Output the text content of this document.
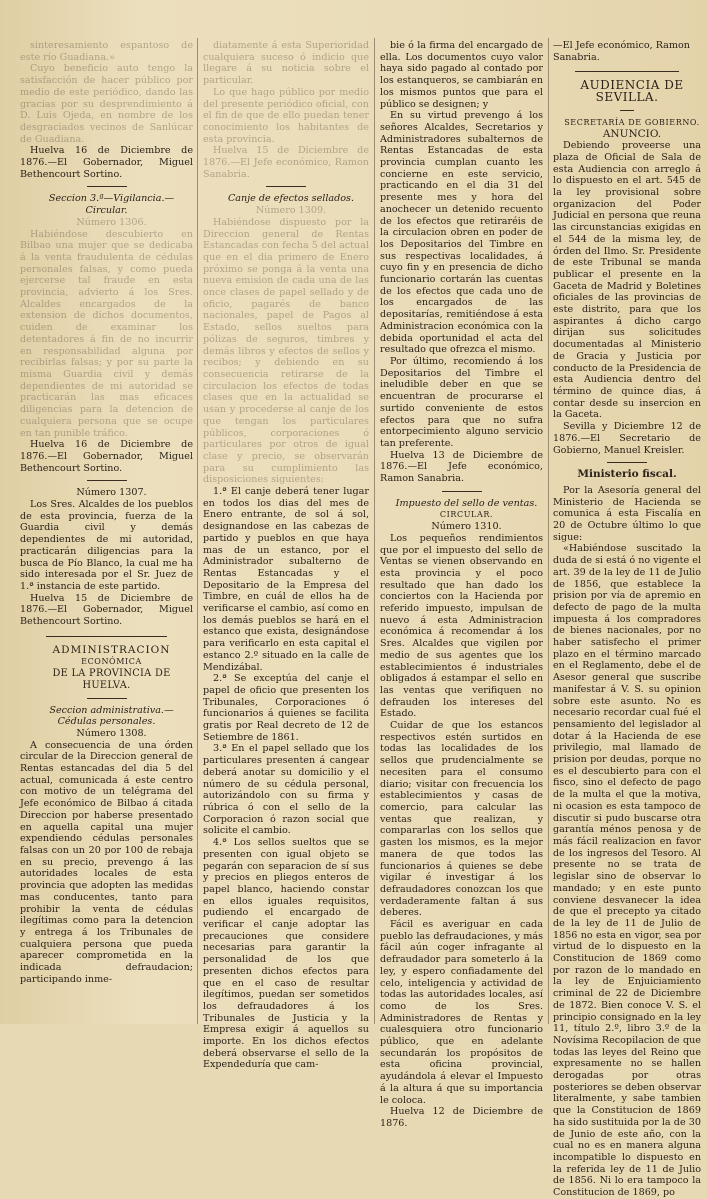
sinteresamiento espantoso de este río Guadiana.»

Cuyo beneficio auto tengo la satisfacción de hacer público por medio de este periódico, dando las gracias por su desprendimiento á D. Luis Ojeda, en nombre de los desgraciados vecinos de Sanlúcar de Guadiana.

Huelva 16 de Diciembre de 1876.—El Gobernador, Miguel Bethencourt Sortino.

Seccion 3.ª—Vigilancia.—Circular.

Número 1306.

Habiéndose descubierto en Bilbao una mujer que se dedicaba á la venta fraudulenta de cédulas personales falsas, y como pueda ejercerse tal fraude en esta provincia, advierto á los Sres. Alcaldes encargados de la extension de dichos documentos, cuiden de examinar los detentadores á fin de no incurrir en responsabilidad alguna por recibirlas falsas; y por su parte la misma Guardia civil y demás dependientes de mi autoridad se practicarán las mas eficaces diligencias para la detencion de cualquiera persona que se ocupe en tan punible tráfico.

Huelva 16 de Diciembre de 1876.—El Gobernador, Miguel Bethencourt Sortino.

Número 1307.

Los Sres. Alcaldes de los pueblos de esta provincia, fuerza de la Guardia civil y demás dependientes de mi autoridad, practicarán diligencias para la busca de Pío Blanco, la cual me ha sido interesada por el Sr. Juez de 1.ª instancia de este partido.

Huelva 15 de Diciembre de 1876.—El Gobernador, Miguel Bethencourt Sortino.

ADMINISTRACION

ECONÓMICA

DE LA PROVINCIA DE HUELVA.

Seccion administrativa.—Cédulas personales.

Número 1308.

A consecuencia de una órden circular de la Direccion general de Rentas estancadas del dia 5 del actual, comunicada á este centro con motivo de un telégrama del Jefe económico de Bilbao á citada Direccion por haberse presentado en aquella capital una mujer expendiendo cédulas personales falsas con un 20 por 100 de rebaja en su precio, prevengo á las autoridades locales de esta provincia que adopten las medidas mas conducentes, tanto para prohibir la venta de cédulas ilegítimas como para la detencion y entrega á los Tribunales de cualquiera persona que pueda aparecer comprometida en la indicada defraudacion; participando inme-

diatamente á esta Superioridad cualquiera suceso ó indicio que llegare á su noticia sobre el particular.

Lo que hago público por medio del presente periódico oficial, con el fin de que de ello puedan tener conocimiento los habitantes de esta provincia.

Huelva 15 de Diciembre de 1876.—El Jefe económico, Ramon Sanabria.

Canje de efectos sellados.

Número 1309.

Habiéndose dispuesto por la Direccion general de Rentas Estancadas con fecha 5 del actual que en el dia primero de Enero próximo se ponga á la venta una nueva emision de cada una de las once clases de papel sellado y de oficio, pagarés de banco nacionales, papel de Pagos al Estado, sellos sueltos para pólizas de seguros, timbres y demás libros y efectos de sellos y recibos; y debiendo en su consecuencia retirarse de la circulacion los efectos de todas clases que en la actualidad se usan y procederse al canje de los que tengan los particulares públicos, corporaciones ó particulares por otros de igual clase y precio, se observarán para su cumplimiento las disposiciones siguientes:

1.ª El canje deberá tener lugar en todos los dias del mes de Enero entrante, de sol á sol, designandose en las cabezas de partido y pueblos en que haya mas de un estanco, por el Administrador subalterno de Rentas Estancadas y el Depositario de la Empresa del Timbre, en cuál de ellos ha de verificarse el cambio, así como en los demás pueblos se hará en el estanco que exista, designándose para verificarlo en esta capital el estanco 2.º situado en la calle de Mendizábal.

2.ª Se exceptúa del canje el papel de oficio que presenten los Tribunales, Corporaciones ó funcionarios á quienes se facilita gratis por Real decreto de 12 de Setiembre de 1861.

3.ª En el papel sellado que los particulares presenten á cangear deberá anotar su domicilio y el número de su cédula personal, autorizándolo con su firma y rúbrica ó con el sello de la Corporacion ó razon social que solicite el cambio.

4.ª Los sellos sueltos que se presenten con igual objeto se pegarán con separacion de sí sus y precios en pliegos enteros de papel blanco, haciendo constar en ellos iguales requisitos, pudiendo el encargado de verificar el canje adoptar las precauciones que considere necesarias para garantir la personalidad de los que presenten dichos efectos para que en el caso de resultar ilegítimos, puedan ser sometidos los defraudadores á los Tribunales de Justicia y la Empresa exigir á aquellos su importe. En los dichos efectos deberá observarse el sello de la Expendeduría que cam-

bie ó la firma del encargado de ella. Los documentos cuyo valor haya sido pagado al contado por los estanqueros, se cambiarán en los mismos puntos que para el público se designen; y

En su virtud prevengo á los señores Alcaldes, Secretarios y Administradores subalternos de Rentas Estancadas de esta provincia cumplan cuanto les concierne en este servicio, practicando en el dia 31 del presente mes y hora del anochecer un detenido recuento de los efectos que retiraréis de la circulacion obren en poder de los Depositarios del Timbre en sus respectivas localidades, á cuyo fin y en presencia de dicho funcionario cortarán las cuentas de los efectos que cada uno de los encargados de las depositarías, remitiéndose á esta Administracion económica con la debida oportunidad el acta del resultado que ofrezca el mismo.

Por último, recomiendo á los Depositarios del Timbre el ineludible deber en que se encuentran de procurarse el surtido conveniente de estos efectos para que no sufra entorpecimiento alguno servicio tan preferente.

Huelva 13 de Diciembre de 1876.—El Jefe económico, Ramon Sanabria.

Impuesto del sello de ventas.

CIRCULAR.

Número 1310.

Los pequeños rendimientos que por el impuesto del sello de Ventas se vienen observando en esta provincia y el poco resultado que han dado los conciertos con la Hacienda por referido impuesto, impulsan de nuevo á esta Administracion económica á recomendar á los Sres. Alcaldes que vigilen por medio de sus agentes que los establecimientos é industriales obligados á estampar el sello en las ventas que verifiquen no defrauden los intereses del Estado.

Cuidar de que los estancos respectivos estén surtidos en todas las localidades de los sellos que prudencialmente se necesiten para el consumo diario; visitar con frecuencia los establecimientos y casas de comercio, para calcular las ventas que realizan, y compararlas con los sellos que gasten los mismos, es la mejor manera de que todos las funcionarios á quienes se debe vigilar é investigar á los defraudadores conozcan los que verdaderamente faltan á sus deberes.

Fácil es averiguar en cada pueblo las defraudaciones, y más fácil aún coger infragante al defraudador para someterlo á la ley, y espero confiadamente del celo, inteligencia y actividad de todas las autoridades locales, así como de los Sres. Administradores de Rentas y cualesquiera otro funcionario público, que en adelante secundarán los propósitos de esta oficina provincial, ayudándola á elevar el Impuesto á la altura á que su importancia le coloca.

Huelva 12 de Diciembre de 1876.

—El Jefe económico, Ramon Sanabria.

AUDIENCIA DE SEVILLA.

SECRETARÍA DE GOBIERNO.

ANUNCIO.

Debiendo proveerse una plaza de Oficial de Sala de esta Audiencia con arreglo á lo dispuesto en el art. 545 de la ley provisional sobre organizacion del Poder Judicial en persona que reuna las circunstancias exigidas en el 544 de la misma ley, de órden del Ilmo. Sr. Presidente de este Tribunal se manda publicar el presente en la Gaceta de Madrid y Boletines oficiales de las provincias de este distrito, para que los aspirantes á dicho cargo dirijan sus solicitudes documentadas al Ministerio de Gracia y Justicia por conducto de la Presidencia de esta Audiencia dentro del término de quince dias, á contar desde su insercion en la Gaceta.

Sevilla y Diciembre 12 de 1876.—El Secretario de Gobierno, Manuel Kreisler.

Ministerio fiscal.

Por la Asesoría general del Ministerio de Hacienda se comunica á esta Fiscalía en 20 de Octubre último lo que sigue:

«Habiéndose suscitado la duda de si está ó no vigente el art. 39 de la ley de 11 de Julio de 1856, que establece la prision por vía de apremio en defecto de pago de la multa impuesta á los compradores de bienes nacionales, por no haber satisfecho el primer plazo en el término marcado en el Reglamento, debe el de Asesor general que suscribe manifestar á V. S. su opinion sobre este asunto. No es necesario recordar cual fué el pensamiento del legislador al dotar á la Hacienda de ese privilegio, mal llamado de prision por deudas, porque no es el descubierto para con el fisco, sino el defecto de pago de la multa el que la motiva, ni ocasion es esta tampoco de discutir si pudo buscarse otra garantía ménos penosa y de más fácil realizacion en favor de los ingresos del Tesoro. Al presente no se trata de legislar sino de observar lo mandado; y en este punto conviene desvanecer la idea de que el precepto ya citado de la ley de 11 de Julio de 1856 no esta en vigor, sea por virtud de lo dispuesto en la Constitucion de 1869 como por razon de lo mandado en la ley de Enjuiciamiento criminal de 22 de Diciembre de 1872. Bien conoce V. S. el principio consignado en la ley 11, título 2.º, libro 3.º de la Novísima Recopilacion de que todas las leyes del Reino que expresamente no se hallen derogadas por otras posteriores se deben observar literalmente, y sabe tambien que la Constitucion de 1869 ha sido sustituida por la de 30 de Junio de este año, con la cual no es en manera alguna incompatible lo dispuesto en la referida ley de 11 de Julio de 1856. Ni lo era tampoco la Constitucion de 1869, po
